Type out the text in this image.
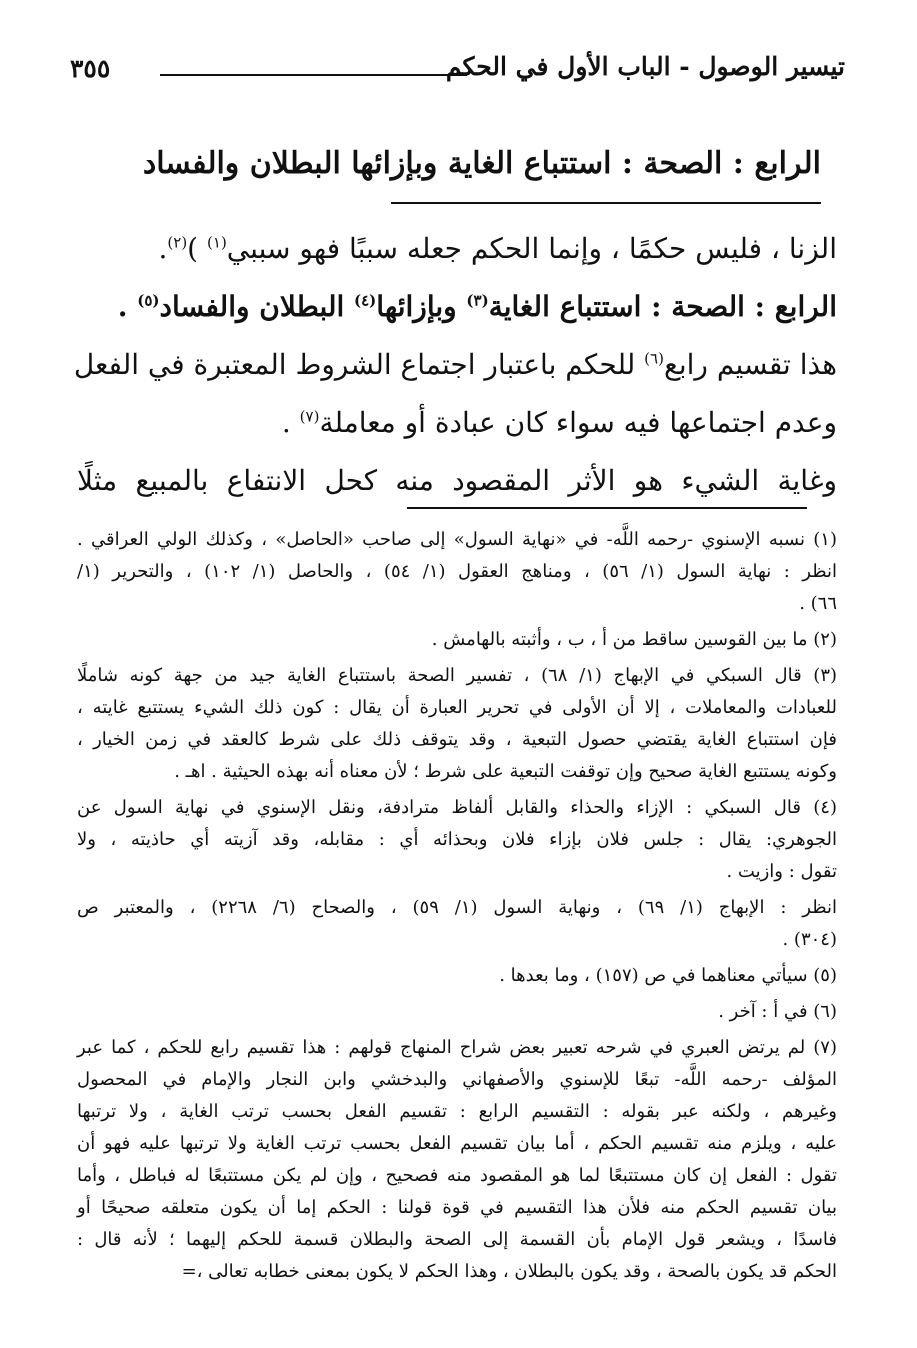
تيسير الوصول - الباب الأول في الحكم
٣٥٥
الرابع : الصحة : استتباع الغاية وبإزائها البطلان والفساد
الزنا ، فليس حكمًا ، وإنما الحكم جعله سببًا فهو سببي$^{(١)}$ )$^{(٢)}$.
الرابع : الصحة : استتباع الغاية$^{(٣)}$ وبإزائها$^{(٤)}$ البطلان والفساد$^{(٥)}$ .
هذا تقسيم رابع$^{(٦)}$ للحكم باعتبار اجتماع الشروط المعتبرة في الفعل
وعدم اجتماعها فيه سواء كان عبادة أو معاملة$^{(٧)}$ .
وغاية الشيء هو الأثر المقصود منه كحل الانتفاع بالمبيع مثلًا
(١) نسبه الإسنوي -رحمه اللَّه- في «نهاية السول» إلى صاحب «الحاصل» ، وكذلك الولي العراقي .
انظر : نهاية السول (١/ ٥٦) ، ومناهج العقول (١/ ٥٤) ، والحاصل (١/ ١٠٢) ، والتحرير (١/
٦٦) .
(٢) ما بين القوسين ساقط من أ ، ب ، وأثبته بالهامش .
(٣) قال السبكي في الإبهاج (١/ ٦٨) ، تفسير الصحة باستتباع الغاية جيد من جهة كونه شاملًا
للعبادات والمعاملات ، إلا أن الأولى في تحرير العبارة أن يقال : كون ذلك الشيء يستتبع غايته ،
فإن استتباع الغاية يقتضي حصول التبعية ، وقد يتوقف ذلك على شرط كالعقد في زمن الخيار ،
وكونه يستتبع الغاية صحيح وإن توقفت التبعية على شرط ؛ لأن معناه أنه بهذه الحيثية . اهـ .
(٤) قال السبكي : الإزاء والحذاء والقابل ألفاظ مترادفة، ونقل الإسنوي في نهاية السول عن
الجوهري: يقال : جلس فلان بإزاء فلان وبحذائه أي : مقابله، وقد آزيته أي حاذيته ، ولا
تقول : وازيت .
انظر : الإبهاج (١/ ٦٩) ، ونهاية السول (١/ ٥٩) ، والصحاح (٦/ ٢٢٦٨) ، والمعتبر ص
(٣٠٤) .
(٥) سيأتي معناهما في ص (١٥٧) ، وما بعدها .
(٦) في أ : آخر .
(٧) لم يرتض العبري في شرحه تعبير بعض شراح المنهاج قولهم : هذا تقسيم رابع للحكم ، كما عبر
المؤلف -رحمه اللَّه- تبعًا للإسنوي والأصفهاني والبدخشي وابن النجار والإمام في المحصول
وغيرهم ، ولكنه عبر بقوله : التقسيم الرابع : تقسيم الفعل بحسب ترتب الغاية ، ولا ترتبها
عليه ، ويلزم منه تقسيم الحكم ، أما بيان تقسيم الفعل بحسب ترتب الغاية ولا ترتبها عليه فهو أن
تقول : الفعل إن كان مستتبعًا لما هو المقصود منه فصحيح ، وإن لم يكن مستتبعًا له فباطل ، وأما
بيان تقسيم الحكم منه فلأن هذا التقسيم في قوة قولنا : الحكم إما أن يكون متعلقه صحيحًا أو
فاسدًا ، ويشعر قول الإمام بأن القسمة إلى الصحة والبطلان قسمة للحكم إليهما ؛ لأنه قال :
الحكم قد يكون بالصحة ، وقد يكون بالبطلان ، وهذا الحكم لا يكون بمعنى خطابه تعالى ،=
